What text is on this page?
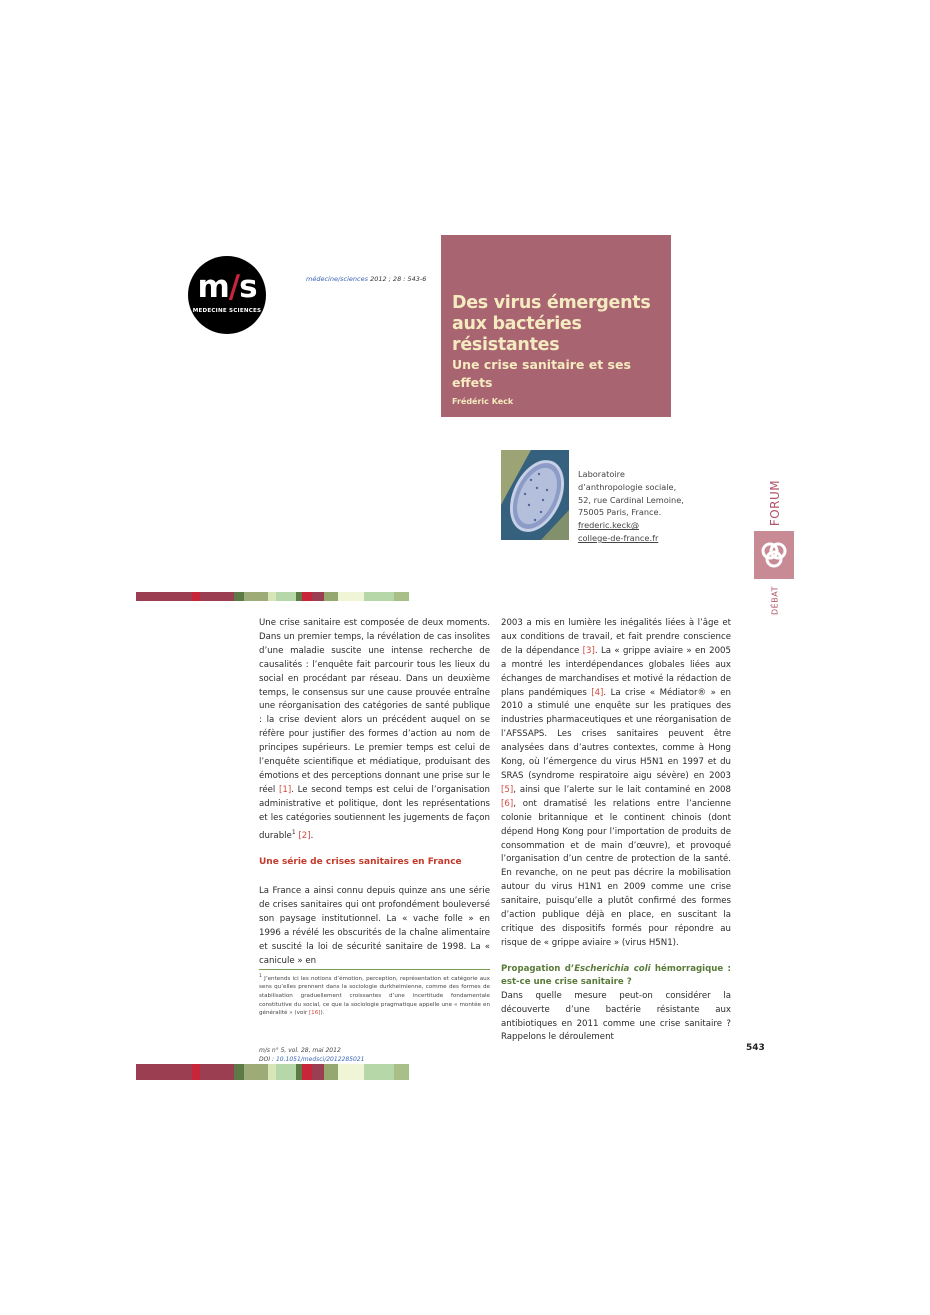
m/s
MEDECINE SCIENCES
médecine/sciences 2012 ; 28 : 543-6
Des virus émergents aux bactéries résistantes
Une crise sanitaire et ses effets
Frédéric Keck
Laboratoire
d’anthropologie sociale,
52, rue Cardinal Lemoine,
75005 Paris, France.
frederic.keck@
college-de-france.fr
FORUM
DÉBAT

Une crise sanitaire est composée de deux moments. Dans un premier temps, la révélation de cas insolites d’une maladie suscite une intense recherche de causalités : l’enquête fait parcourir tous les lieux du social en procédant par réseau. Dans un deuxième temps, le consensus sur une cause prouvée entraîne une réorganisation des catégories de santé publique : la crise devient alors un précédent auquel on se réfère pour justifier des formes d’action au nom de principes supérieurs. Le premier temps est celui de l’enquête scientifique et médiatique, produisant des émotions et des perceptions donnant une prise sur le réel [1]. Le second temps est celui de l’organisation administrative et politique, dont les représentations et les catégories soutiennent les jugements de façon durable$^1$ [2].

Une série de crises sanitaires en France

La France a ainsi connu depuis quinze ans une série de crises sanitaires qui ont profondément bouleversé son paysage institutionnel. La « vache folle » en 1996 a révélé les obscurités de la chaîne alimentaire et suscité la loi de sécurité sanitaire de 1998. La « canicule » en

$^1$ J’entends ici les notions d’émotion, perception, représentation et catégorie aux sens qu’elles prennent dans la sociologie durkheimienne, comme des formes de stabilisation graduellement croissantes d’une incertitude fondamentale constitutive du social, ce que la sociologie pragmatique appelle une « montée en généralité » (voir [16]).

2003 a mis en lumière les inégalités liées à l’âge et aux conditions de travail, et fait prendre conscience de la dépendance [3]. La « grippe aviaire » en 2005 a montré les interdépendances globales liées aux échanges de marchandises et motivé la rédaction de plans pandémiques [4]. La crise « Médiator® » en 2010 a stimulé une enquête sur les pratiques des industries pharmaceutiques et une réorganisation de l’AFSSAPS. Les crises sanitaires peuvent être analysées dans d’autres contextes, comme à Hong Kong, où l’émergence du virus H5N1 en 1997 et du SRAS (syndrome respiratoire aigu sévère) en 2003 [5], ainsi que l’alerte sur le lait contaminé en 2008 [6], ont dramatisé les relations entre l’ancienne colonie britannique et le continent chinois (dont dépend Hong Kong pour l’importation de produits de consommation et de main d’œuvre), et provoqué l’organisation d’un centre de protection de la santé. En revanche, on ne peut pas décrire la mobilisation autour du virus H1N1 en 2009 comme une crise sanitaire, puisqu’elle a plutôt confirmé des formes d’action publique déjà en place, en suscitant la critique des dispositifs formés pour répondre au risque de « grippe aviaire » (virus H5N1).

Propagation d’Escherichia coli hémorragique : est-ce une crise sanitaire ?

Dans quelle mesure peut-on considérer la découverte d’une bactérie résistante aux antibiotiques en 2011 comme une crise sanitaire ? Rappelons le déroulement

m/s n° 5, vol. 28, mai 2012
DOI : 10.1051/medsci/2012285021
543
